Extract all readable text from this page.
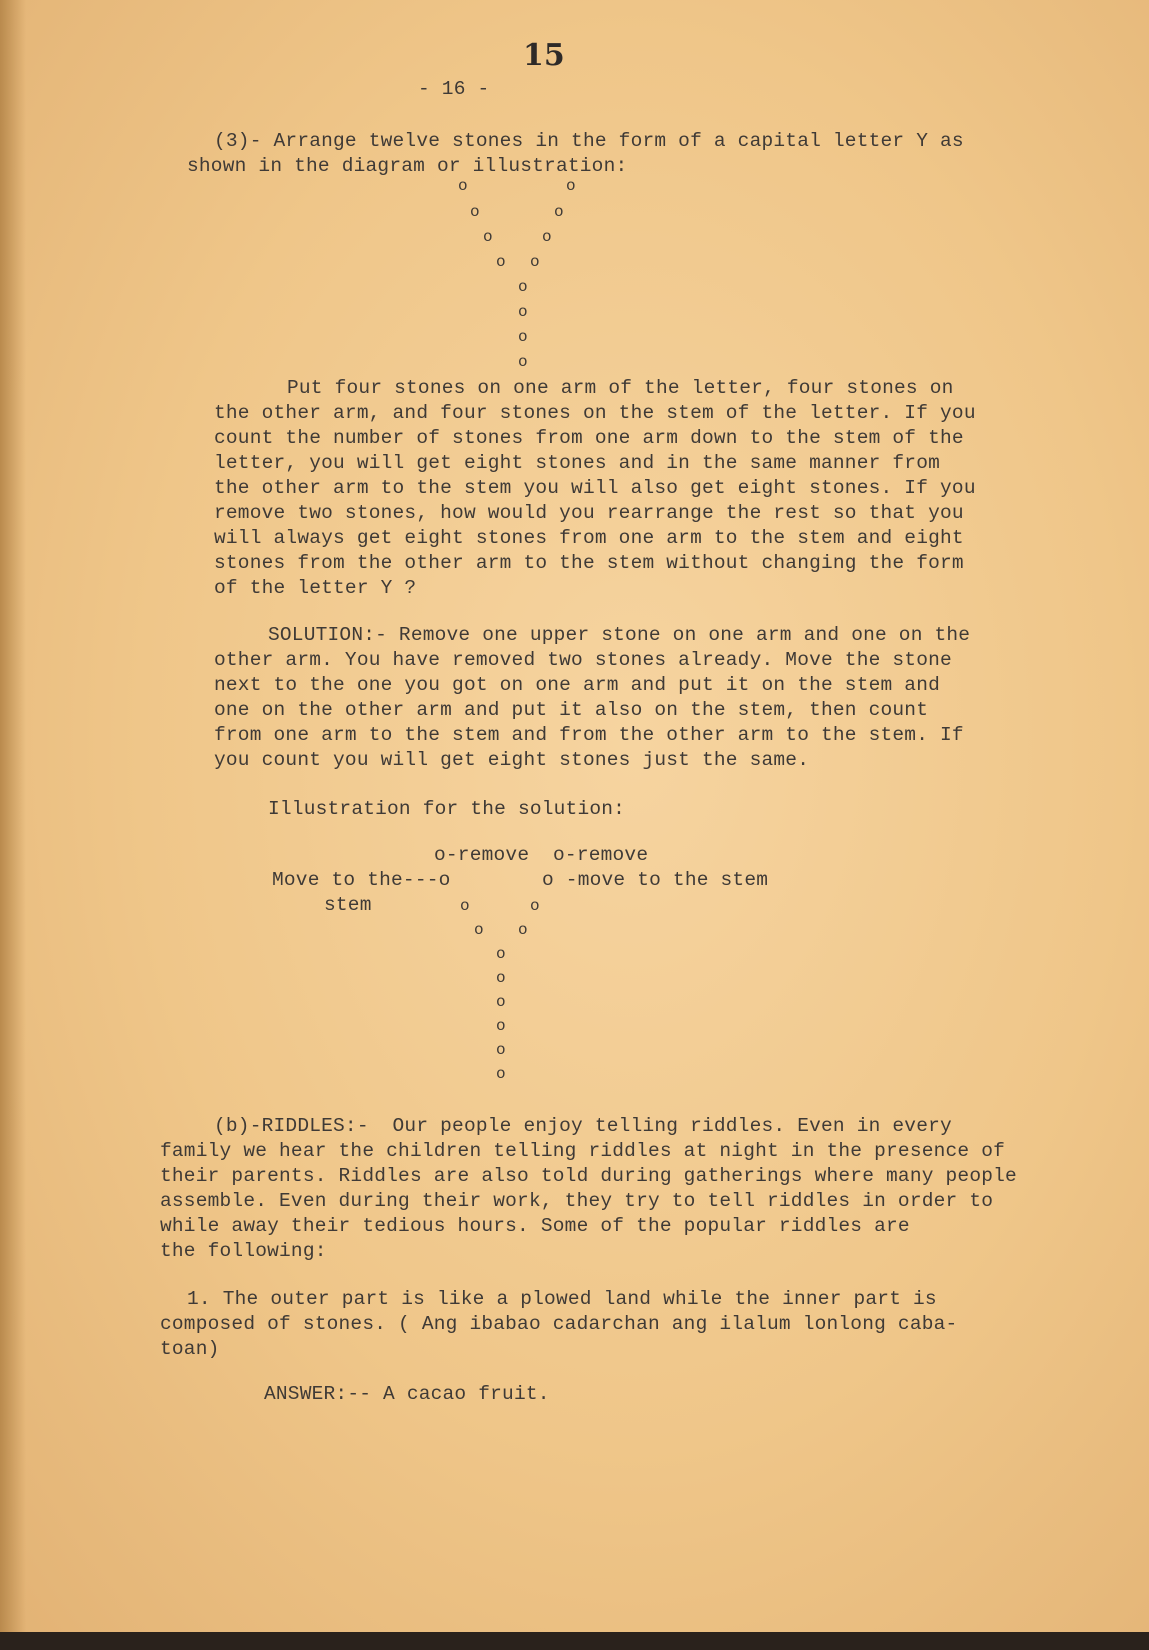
15
- 16 -
(3)- Arrange twelve stones in the form of a capital letter Y as
shown in the diagram or illustration:
o	o
o	o
o	o
o o
o
o
o
o
Put four stones on one arm of the letter, four stones on
the other arm, and four stones on the stem of the letter. If you
count the number of stones from one arm down to the stem of the
letter, you will get eight stones and in the same manner from
the other arm to the stem you will also get eight stones. If you
remove two stones, how would you rearrange the rest so that you
will always get eight stones from one arm to the stem and eight
stones from the other arm to the stem without changing the form
of the letter Y ?
SOLUTION:- Remove one upper stone on one arm and one on the
other arm. You have removed two stones already. Move the stone
next to the one you got on one arm and put it on the stem and
one on the other arm and put it also on the stem, then count
from one arm to the stem and from the other arm to the stem. If
you count you will get eight stones just the same.
Illustration for the solution:
o-remove  o-remove
Move to the---o	o -move to the stem
stem	o	o
o o
o
o
o
o
o
o
(b)-RIDDLES:-  Our people enjoy telling riddles. Even in every
family we hear the children telling riddles at night in the presence of
their parents. Riddles are also told during gatherings where many people
assemble. Even during their work, they try to tell riddles in order to
while away their tedious hours. Some of the popular riddles are
the following:
1. The outer part is like a plowed land while the inner part is
composed of stones. ( Ang ibabao cadarchan ang ilalum lonlong caba-
toan)
ANSWER:-- A cacao fruit.
